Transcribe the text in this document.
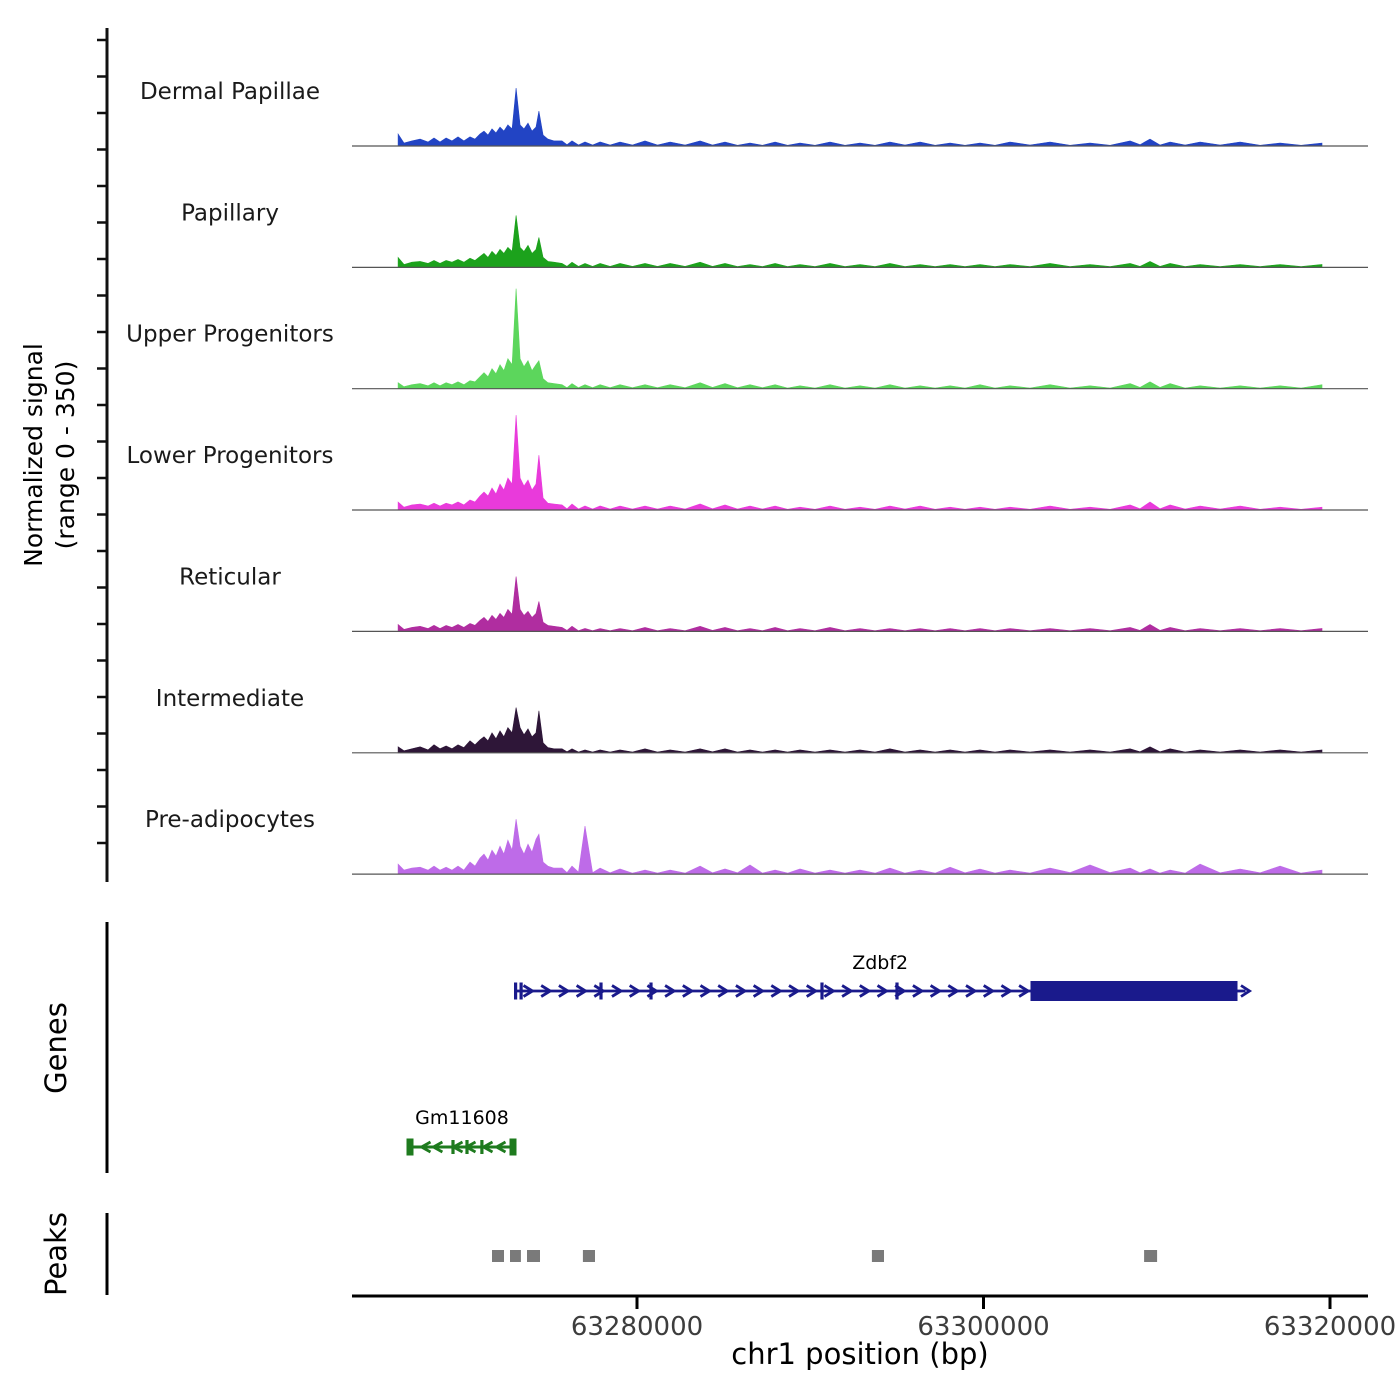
Dermal Papillae
Papillary
Upper Progenitors
Lower Progenitors
Reticular
Intermediate
Pre-adipocytes
Zdbf2
Gm11608
63280000	63300000	63320000
Normalized signal (range 0 - 350)
Genes
Peaks
chr1 position (bp)
